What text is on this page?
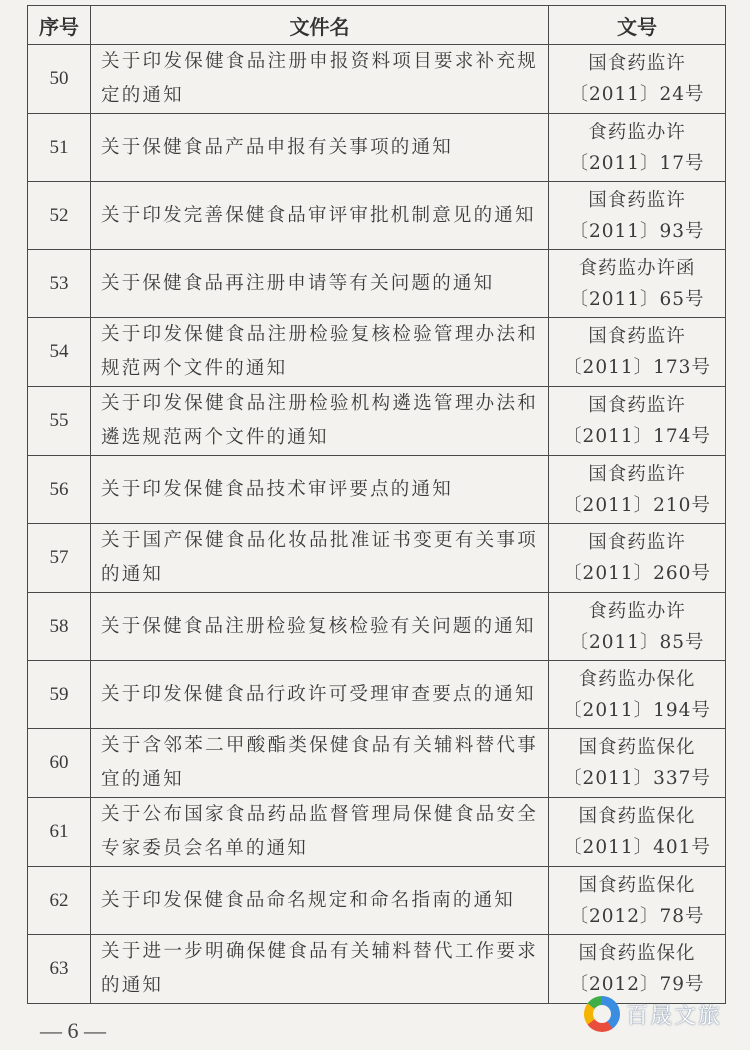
序号	文件名	文号
50	关于印发保健食品注册申报资料项目要求补充规定的通知	国食药监许
〔2011〕24号

51	关于保健食品产品申报有关事项的通知	食药监办许
〔2011〕17号

52	关于印发完善保健食品审评审批机制意见的通知	国食药监许
〔2011〕93号

53	关于保健食品再注册申请等有关问题的通知	食药监办许函
〔2011〕65号

54	关于印发保健食品注册检验复核检验管理办法和规范两个文件的通知	国食药监许
〔2011〕173号

55	关于印发保健食品注册检验机构遴选管理办法和遴选规范两个文件的通知	国食药监许
〔2011〕174号

56	关于印发保健食品技术审评要点的通知	国食药监许
〔2011〕210号

57	关于国产保健食品化妆品批准证书变更有关事项的通知	国食药监许
〔2011〕260号

58	关于保健食品注册检验复核检验有关问题的通知	食药监办许
〔2011〕85号

59	关于印发保健食品行政许可受理审查要点的通知	食药监办保化
〔2011〕194号

60	关于含邻苯二甲酸酯类保健食品有关辅料替代事宜的通知	国食药监保化
〔2011〕337号

61	关于公布国家食品药品监督管理局保健食品安全专家委员会名单的通知	国食药监保化
〔2011〕401号

62	关于印发保健食品命名规定和命名指南的通知	国食药监保化
〔2012〕78号

63	关于进一步明确保健食品有关辅料替代工作要求的通知	国食药监保化
〔2012〕79号
— 6 —
百晟文旅
